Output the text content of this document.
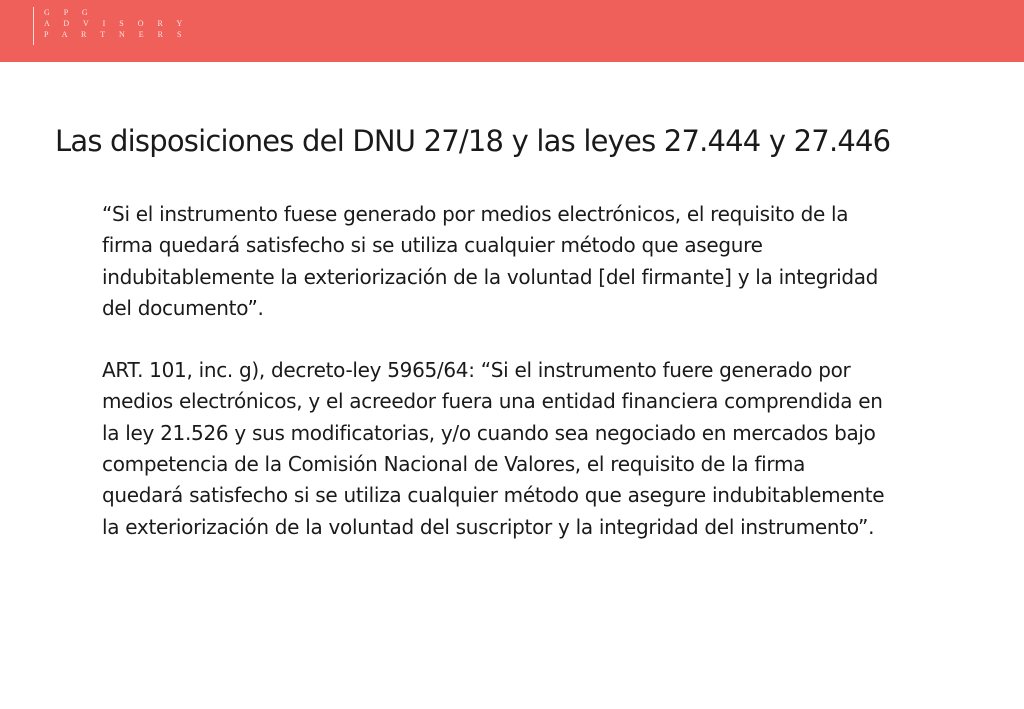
G P G
A D V I S O R Y
P A R T N E R S
Las disposiciones del DNU 27/18 y las leyes 27.444 y 27.446

“Si el instrumento fuese generado por medios electrónicos, el requisito de la
firma quedará satisfecho si se utiliza cualquier método que asegure
indubitablemente la exteriorización de la voluntad [del firmante] y la integridad
del documento”.

ART. 101, inc. g), decreto-ley 5965/64: “Si el instrumento fuere generado por
medios electrónicos, y el acreedor fuera una entidad financiera comprendida en
la ley 21.526 y sus modificatorias, y/o cuando sea negociado en mercados bajo
competencia de la Comisión Nacional de Valores, el requisito de la firma
quedará satisfecho si se utiliza cualquier método que asegure indubitablemente
la exteriorización de la voluntad del suscriptor y la integridad del instrumento”.
